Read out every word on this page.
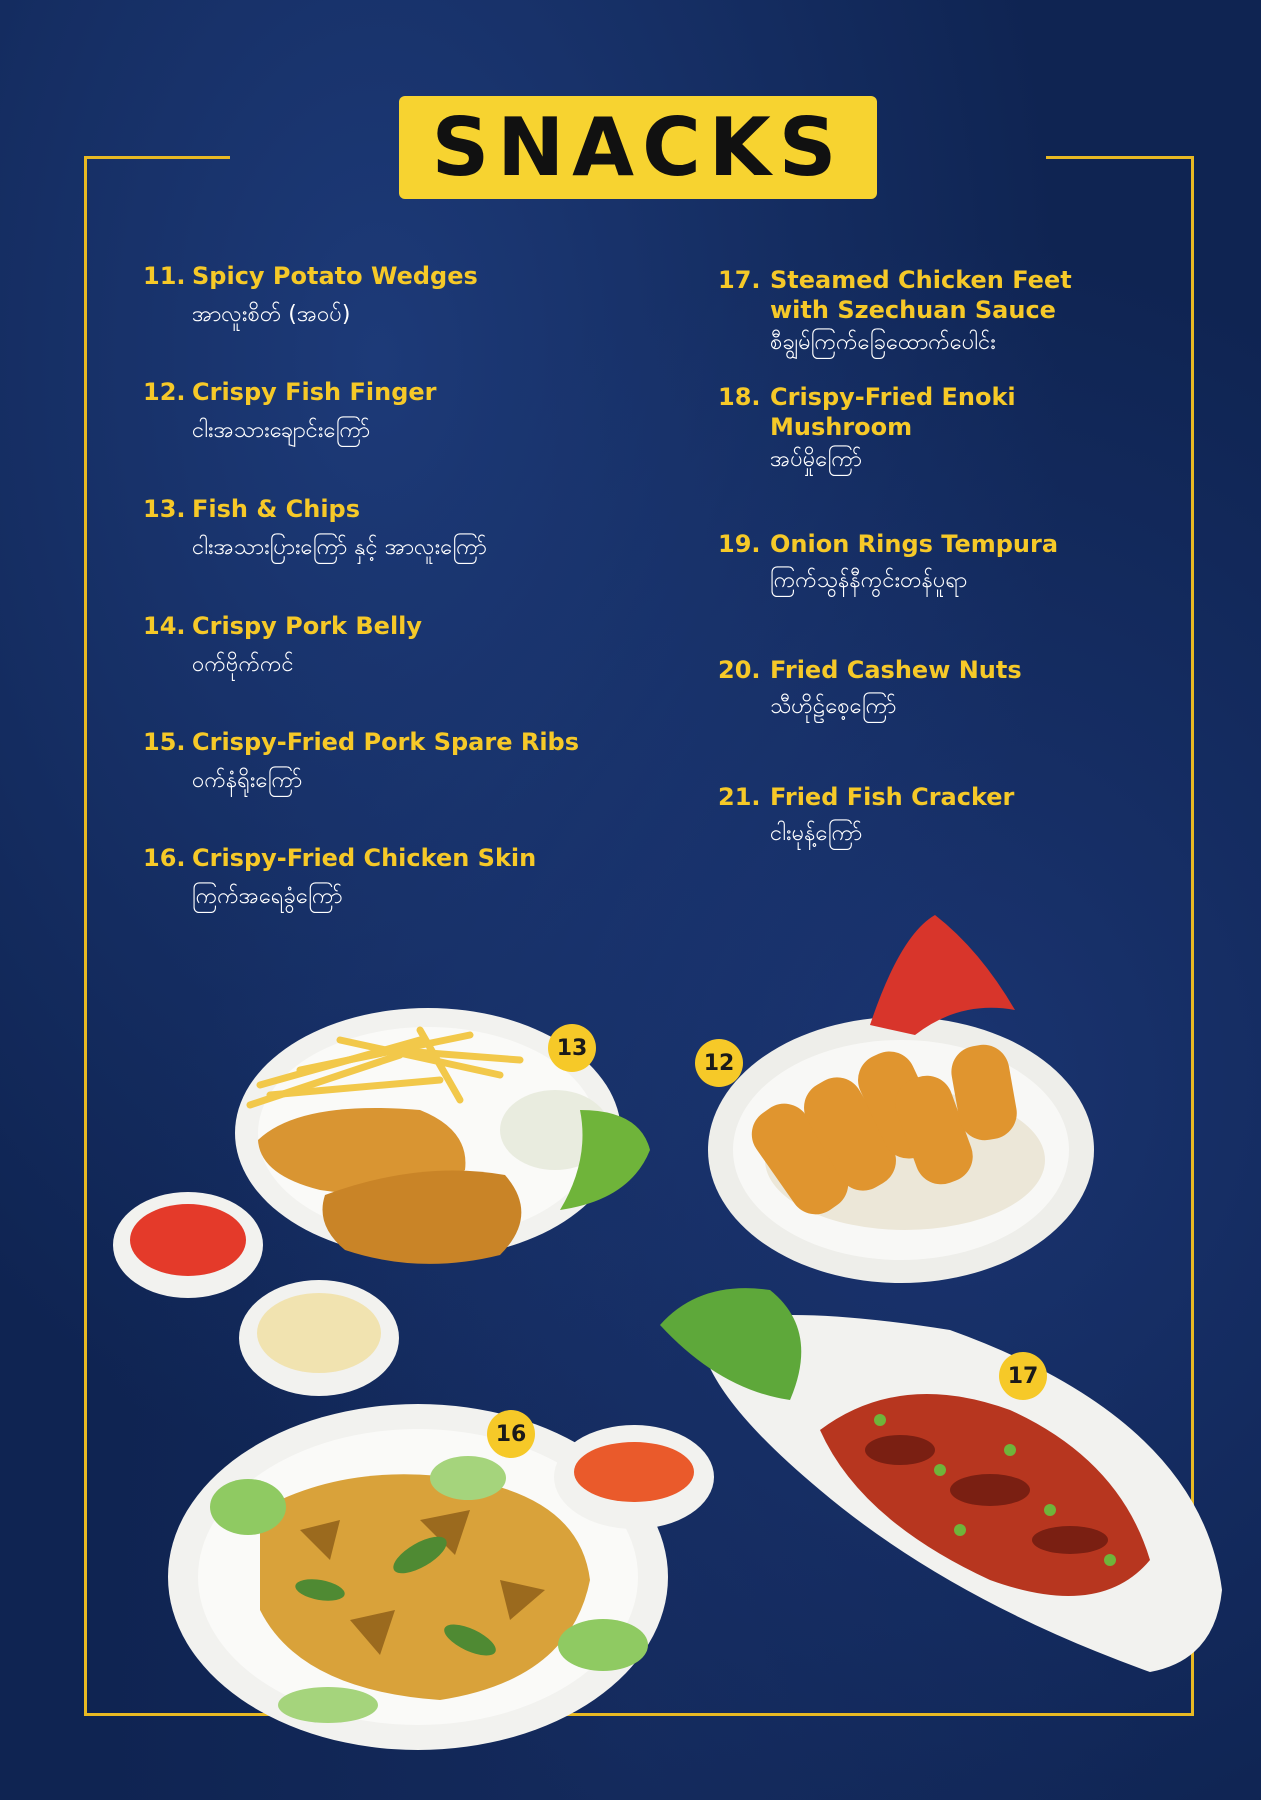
SNACKS
11. Spicy Potato Wedges
အာလူးစိတ် (အဝပ်)
12. Crispy Fish Finger
ငါးအသားချောင်းကြော်
13. Fish & Chips
ငါးအသားပြားကြော် နှင့် အာလူးကြော်
14. Crispy Pork Belly
ဝက်ဗိုက်ကင်
15. Crispy-Fried Pork Spare Ribs
ဝက်နံရိုးကြော်
16. Crispy-Fried Chicken Skin
ကြက်အရေခွံကြော်
17. Steamed Chicken Feet
with Szechuan Sauce
စီချွမ်ကြက်ခြေထောက်ပေါင်း
18. Crispy-Fried Enoki
Mushroom
အပ်မှိုကြော်
19. Onion Rings Tempura
ကြက်သွန်နီကွင်းတန်ပူရာ
20. Fried Cashew Nuts
သီဟိုဠ်စေ့ကြော်
21. Fried Fish Cracker
ငါးမုန့်ကြော်
13
12
16
17
